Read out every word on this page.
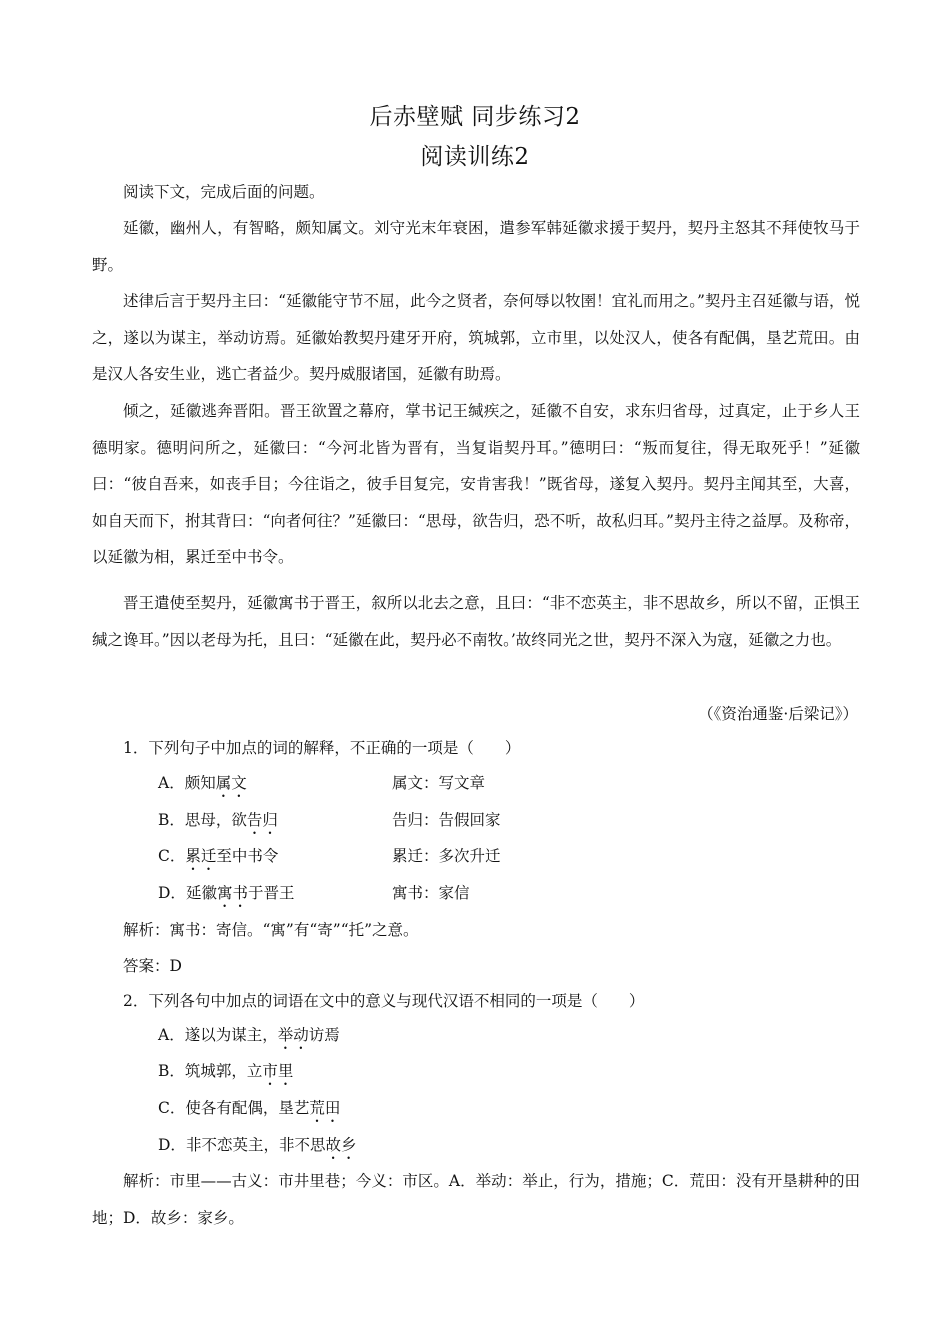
后赤壁赋 同步练习2
阅读训练2
阅读下文，完成后面的问题。
延徽，幽州人，有智略，颇知属文。刘守光末年衰困，遣参军韩延徽求援于契丹，契丹主怒其不拜使牧马于野。
述律后言于契丹主曰：“延徽能守节不屈，此今之贤者，奈何辱以牧圉！宜礼而用之。”契丹主召延徽与语，悦之，遂以为谋主，举动访焉。延徽始教契丹建牙开府，筑城郭，立市里，以处汉人，使各有配偶，垦艺荒田。由是汉人各安生业，逃亡者益少。契丹威服诸国，延徽有助焉。
倾之，延徽逃奔晋阳。晋王欲置之幕府，掌书记王缄疾之，延徽不自安，求东归省母，过真定，止于乡人王德明家。德明问所之，延徽曰：“今河北皆为晋有，当复诣契丹耳。”德明曰：“叛而复往，得无取死乎！”延徽曰：“彼自吾来，如丧手目；今往诣之，彼手目复完，安肯害我！”既省母，遂复入契丹。契丹主闻其至，大喜，如自天而下，拊其背曰：“向者何往？”延徽曰：“思母，欲告归，恐不听，故私归耳。”契丹主待之益厚。及称帝，以延徽为相，累迁至中书令。
晋王遣使至契丹，延徽寓书于晋王，叙所以北去之意，且曰：“非不恋英主，非不思故乡，所以不留，正惧王缄之谗耳。”因以老母为托，且曰：“延徽在此，契丹必不南牧。’故终同光之世，契丹不深入为寇，延徽之力也。
（《资治通鉴·后梁记》）
1．下列句子中加点的词的解释，不正确的一项是（　　）
A．颇知属文	属文：写文章
B．思母，欲告归	告归：告假回家
C．累迁至中书令	累迁：多次升迁
D．延徽寓书于晋王	寓书：家信
解析：寓书：寄信。“寓”有“寄”“托”之意。
答案：D
2．下列各句中加点的词语在文中的意义与现代汉语不相同的一项是（　　）
A．遂以为谋主，举动访焉
B．筑城郭，立市里
C．使各有配偶，垦艺荒田
D．非不恋英主，非不思故乡
解析：市里——古义：市井里巷；今义：市区。A．举动：举止，行为，措施；C．荒田：没有开垦耕种的田地；D．故乡：家乡。
